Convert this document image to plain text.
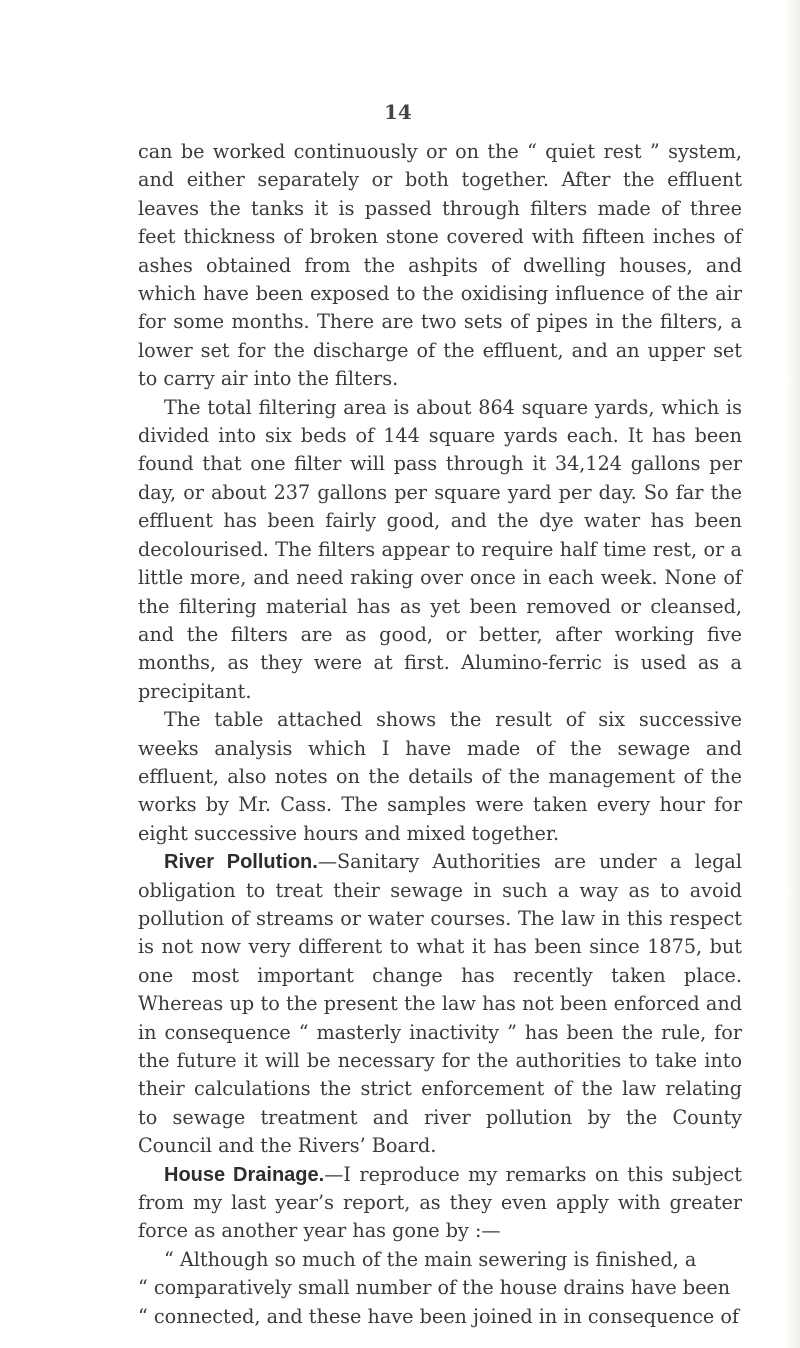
14

can be worked continuously or on the “ quiet rest ” system, and either separately or both together. After the effluent leaves the tanks it is passed through filters made of three feet thickness of broken stone covered with fifteen inches of ashes obtained from the ashpits of dwelling houses, and which have been exposed to the oxidising influence of the air for some months. There are two sets of pipes in the filters, a lower set for the discharge of the effluent, and an upper set to carry air into the filters.

The total filtering area is about 864 square yards, which is divided into six beds of 144 square yards each. It has been found that one filter will pass through it 34,124 gallons per day, or about 237 gallons per square yard per day. So far the effluent has been fairly good, and the dye water has been decolourised. The filters appear to require half time rest, or a little more, and need raking over once in each week. None of the filtering material has as yet been removed or cleansed, and the filters are as good, or better, after working five months, as they were at first. Alumino-ferric is used as a precipitant.

The table attached shows the result of six successive weeks analysis which I have made of the sewage and effluent, also notes on the details of the management of the works by Mr. Cass. The samples were taken every hour for eight successive hours and mixed together.

River Pollution.—Sanitary Authorities are under a legal obligation to treat their sewage in such a way as to avoid pollution of streams or water courses. The law in this respect is not now very different to what it has been since 1875, but one most important change has recently taken place. Whereas up to the present the law has not been enforced and in consequence “ masterly inactivity ” has been the rule, for the future it will be necessary for the authorities to take into their calculations the strict enforcement of the law relating to sewage treatment and river pollution by the County Council and the Rivers’ Board.

House Drainage.—I reproduce my remarks on this subject from my last year’s report, as they even apply with greater force as another year has gone by :—

“ Although so much of the main sewering is finished, a
“ comparatively small number of the house drains have been
“ connected, and these have been joined in in consequence of
